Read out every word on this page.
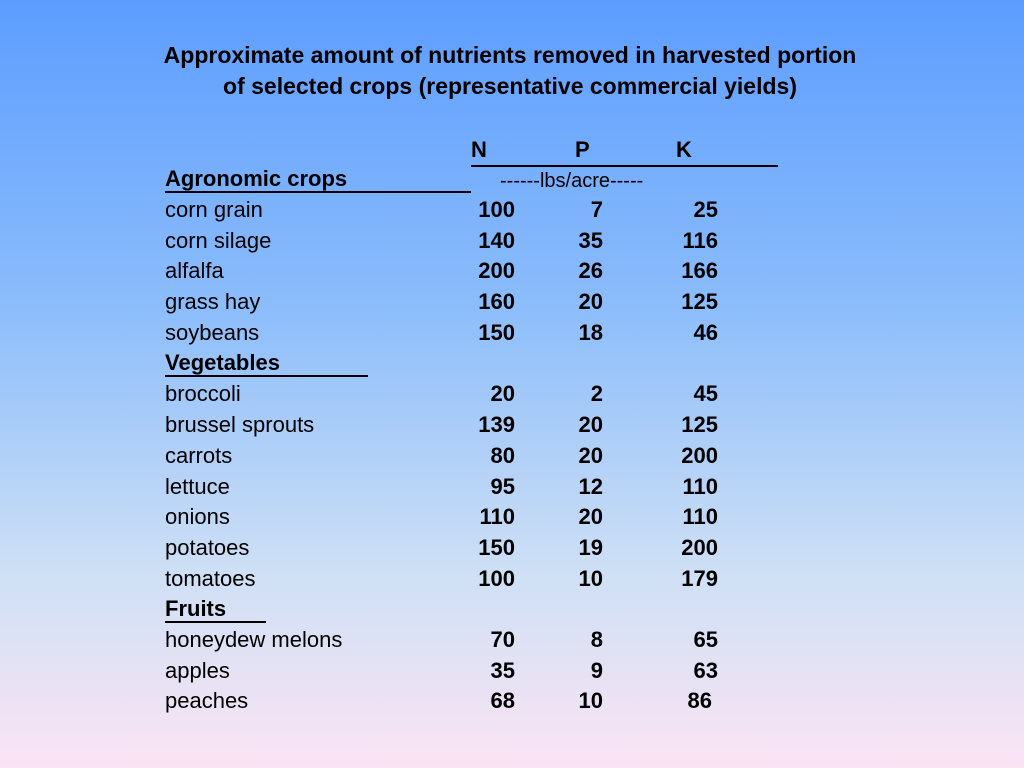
Approximate amount of nutrients removed in harvested portion of selected crops (representative commercial yields)
N	P	K
Agronomic crops	------lbs/acre-----
corn grain	100	7	25
corn silage	140	35	116
alfalfa	200	26	166
grass hay	160	20	125
soybeans	150	18	46
Vegetables
broccoli	20	2	45
brussel sprouts	139	20	125
carrots	80	20	200
lettuce	95	12	110
onions	110	20	110
potatoes	150	19	200
tomatoes	100	10	179
Fruits
honeydew melons	70	8	65
apples	35	9	63
peaches	68	10	86
